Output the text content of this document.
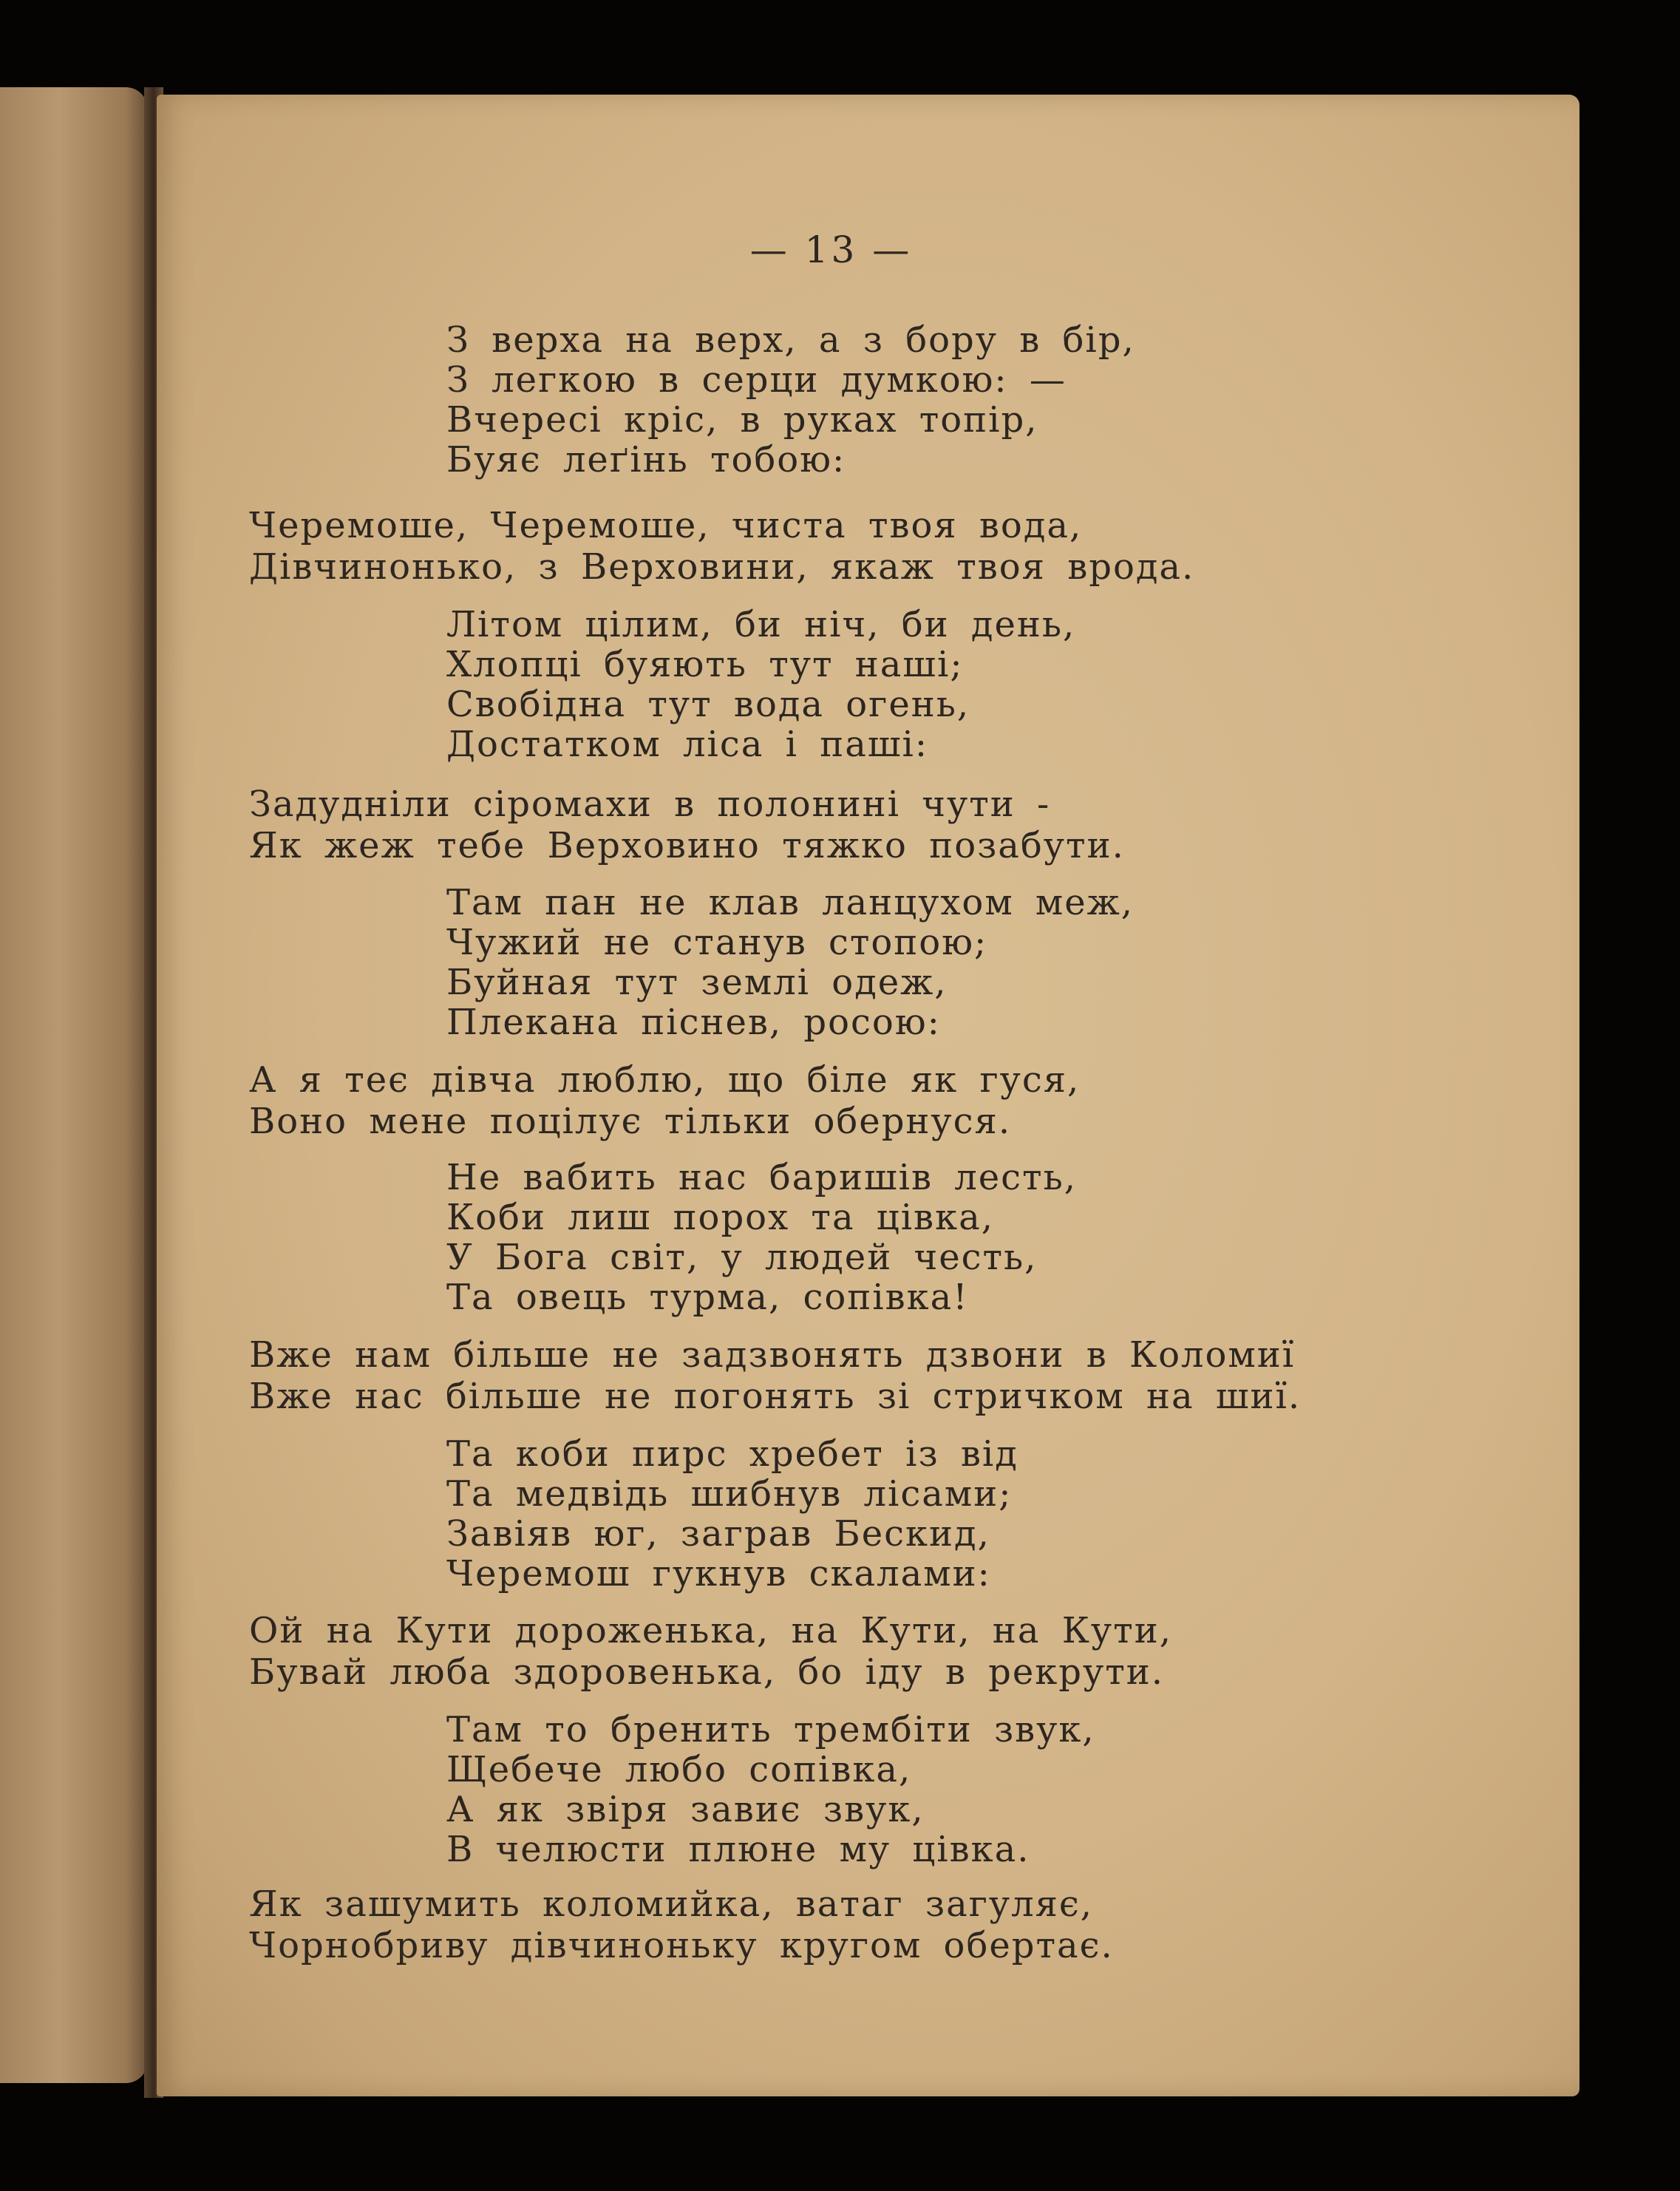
— 13 —

З верха на верх, а з бору в бір,
З легкою в серци думкою: —
Вчересі кріс, в руках топір,
Буяє леґінь тобою:
Черемоше, Черемоше, чиста твоя вода,
Дівчинонько, з Верховини, якаж твоя врода.
Літом цілим, би ніч, би день,
Хлопці буяють тут наші;
Свобідна тут вода огень,
Достатком ліса і паші:
Задудніли сіромахи в полонині чути -
Як жеж тебе Верховино тяжко позабути.
Там пан не клав ланцухом меж,
Чужий не станув стопою;
Буйная тут землі одеж,
Плекана піснев, росою:
А я теє дівча люблю, що біле як гуся,
Воно мене поцілує тільки обернуся.
Не вабить нас баришів лесть,
Коби лиш порох та цівка,
У Бога світ, у людей честь,
Та овець турма, сопівка!
Вже нам більше не задзвонять дзвони в Коломиї
Вже нас більше не погонять зі стричком на шиї.
Та коби пирс хребет із від
Та медвідь шибнув лісами;
Завіяв юг, заграв Бескид,
Черемош гукнув скалами:
Ой на Кути дороженька, на Кути, на Кути,
Бувай люба здоровенька, бо іду в рекрути.
Там то бренить трембіти звук,
Щебече любо сопівка,
А як звіря завиє звук,
В челюсти плюне му цівка.
Як зашумить коломийка, ватаг загуляє,
Чорнобриву дівчиноньку кругом обертає.
